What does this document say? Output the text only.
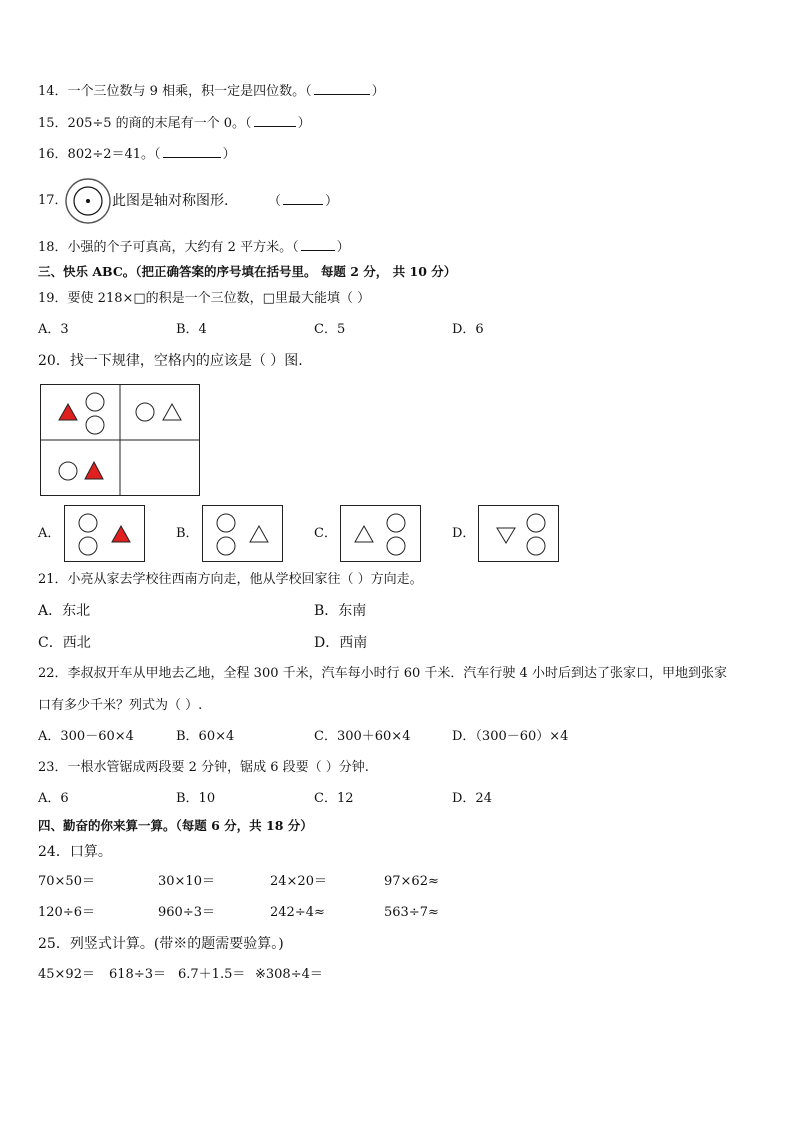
14．一个三位数与 9 相乘，积一定是四位数。（	）
15．205÷5 的商的末尾有一个 0。（	）
16．802÷2＝41。（	）
17．	此图是轴对称图形.	（	）
18．小强的个子可真高，大约有 2 平方米。（	）
三、快乐 ABC。（把正确答案的序号填在括号里。 每题 2 分， 共 10 分）
19．要使 218×□的积是一个三位数，□里最大能填（ ）
A．3	B．4	C．5	D．6
20．找一下规律，空格内的应该是（ ）图.
A．	B．	C．	D．
21．小亮从家去学校往西南方向走，他从学校回家往（ ）方向走。
A．东北	B．东南
C．西北	D．西南
22．李叔叔开车从甲地去乙地，全程 300 千米，汽车每小时行 60 千米．汽车行驶 4 小时后到达了张家口，甲地到张家
口有多少千米？列式为（ ）.
A．300－60×4	B．60×4	C．300＋60×4	D．（300－60）×4
23．一根水管锯成两段要 2 分钟，锯成 6 段要（ ）分钟.
A．6	B．10	C．12	D．24
四、勤奋的你来算一算。（每题 6 分，共 18 分）
24．口算。
70×50＝	30×10＝	24×20＝	97×62≈
120÷6＝	960÷3＝	242÷4≈	563÷7≈
25．列竖式计算。(带※的题需要验算。)
45×92＝ 618÷3＝ 6.7＋1.5＝ ※308÷4＝
